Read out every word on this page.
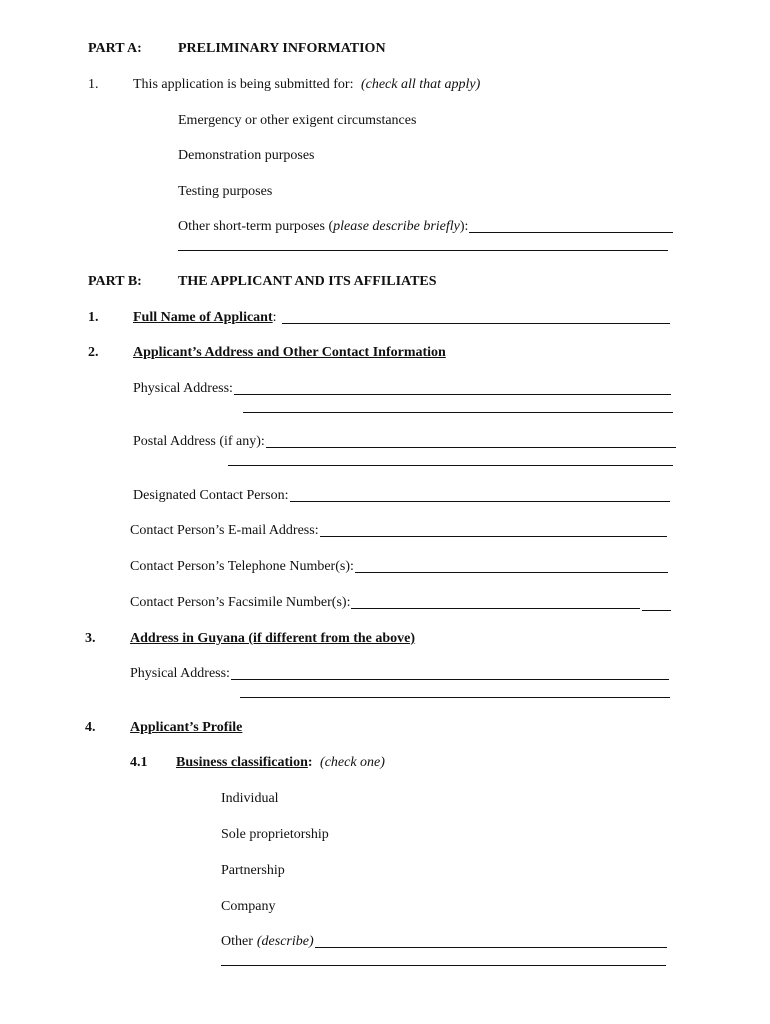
PART A:	PRELIMINARY INFORMATION
1. This application is being submitted for: (check all that apply)
Emergency or other exigent circumstances
Demonstration purposes
Testing purposes
Other short-term purposes ( please describe briefly ):
PART B:	THE APPLICANT AND ITS AFFILIATES
1. Full Name of Applicant :
2. Applicant’s Address and Other Contact Information
Physical Address:
Postal Address (if any):
Designated Contact Person:
Contact Person’s E-mail Address:
Contact Person’s Telephone Number(s):
Contact Person’s Facsimile Number(s):
3. Address in Guyana (if different from the above)
Physical Address:
4. Applicant’s Profile
4.1 Business classification: (check one)
Individual
Sole proprietorship
Partnership
Company
Other (describe)
